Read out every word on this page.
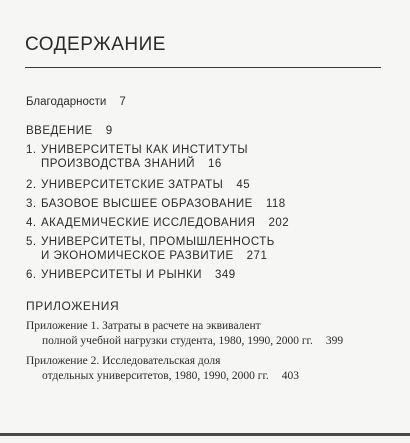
СОДЕРЖАНИЕ
Благодарности 7
ВВЕДЕНИЕ 9
1. УНИВЕРСИТЕТЫ КАК ИНСТИТУТЫ
ПРОИЗВОДСТВА ЗНАНИЙ 16
2. УНИВЕРСИТЕТСКИЕ ЗАТРАТЫ 45
3. БАЗОВОЕ ВЫСШЕЕ ОБРАЗОВАНИЕ 118
4. АКАДЕМИЧЕСКИЕ ИССЛЕДОВАНИЯ 202
5. УНИВЕРСИТЕТЫ, ПРОМЫШЛЕННОСТЬ
И ЭКОНОМИЧЕСКОЕ РАЗВИТИЕ 271
6. УНИВЕРСИТЕТЫ И РЫНКИ 349
ПРИЛОЖЕНИЯ
Приложение 1. Затраты в расчете на эквивалент
полной учебной нагрузки студента, 1980, 1990, 2000 гг. 399
Приложение 2. Исследовательская доля
отдельных университетов, 1980, 1990, 2000 гг. 403
